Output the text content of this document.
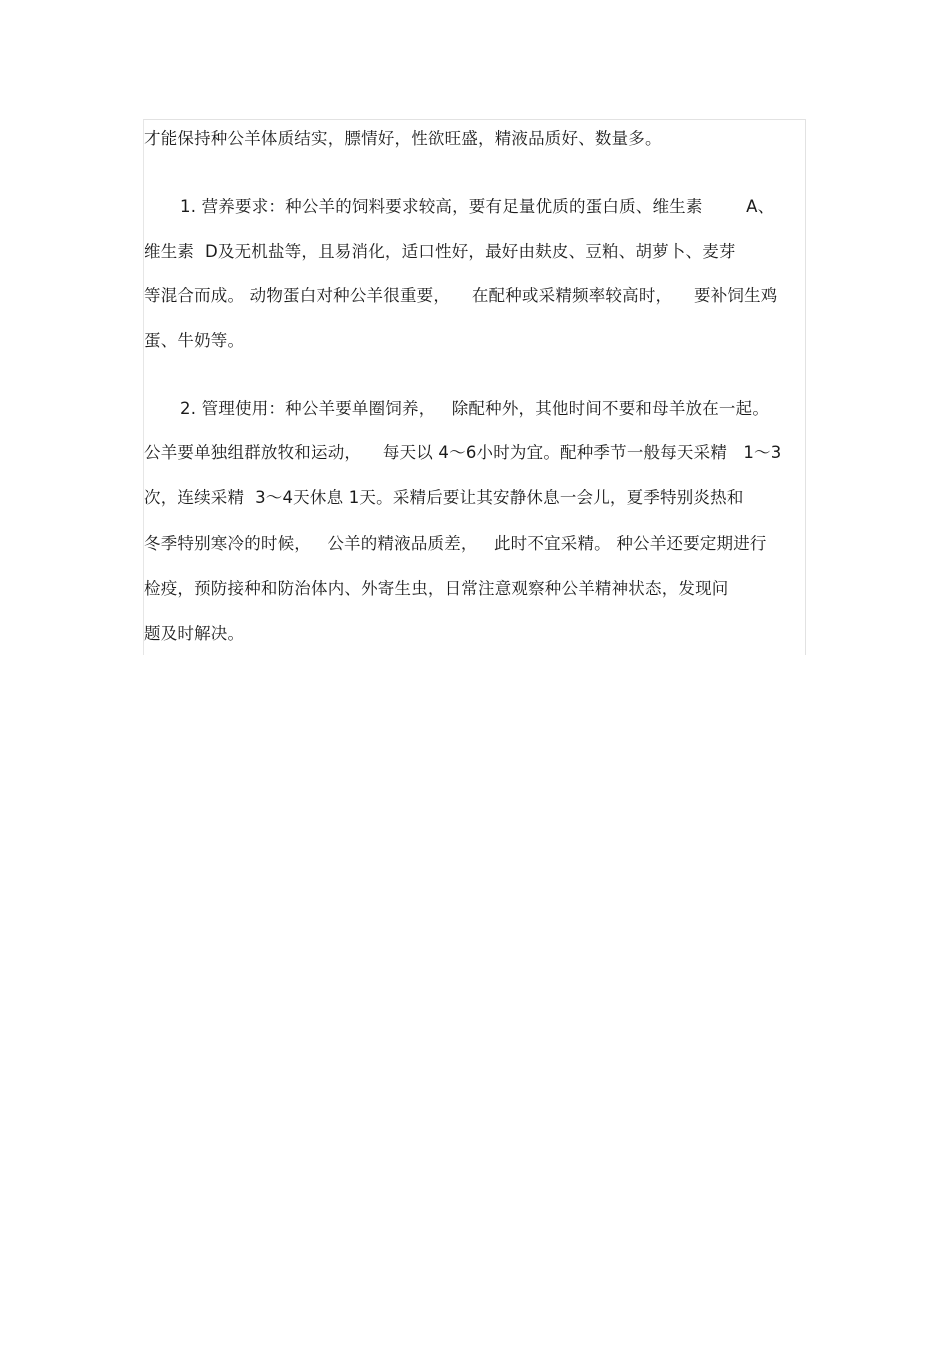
才能保持种公羊体质结实，膘情好，性欲旺盛，精液品质好、数量多。
1. 营养要求：种公羊的饲料要求较高，要有足量优质的蛋白质、维生素        A、
维生素  D及无机盐等，且易消化，适口性好，最好由麸皮、豆粕、胡萝卜、麦芽
等混合而成。 动物蛋白对种公羊很重要，    在配种或采精频率较高时，    要补饲生鸡
蛋、牛奶等。
2. 管理使用：种公羊要单圈饲养，   除配种外，其他时间不要和母羊放在一起。
公羊要单独组群放牧和运动，    每天以 4～6小时为宜。配种季节一般每天采精   1～3
次，连续采精  3～4天休息 1天。采精后要让其安静休息一会儿，夏季特别炎热和
冬季特别寒冷的时候，   公羊的精液品质差，   此时不宜采精。 种公羊还要定期进行
检疫，预防接种和防治体内、外寄生虫，日常注意观察种公羊精神状态，发现问
题及时解决。
